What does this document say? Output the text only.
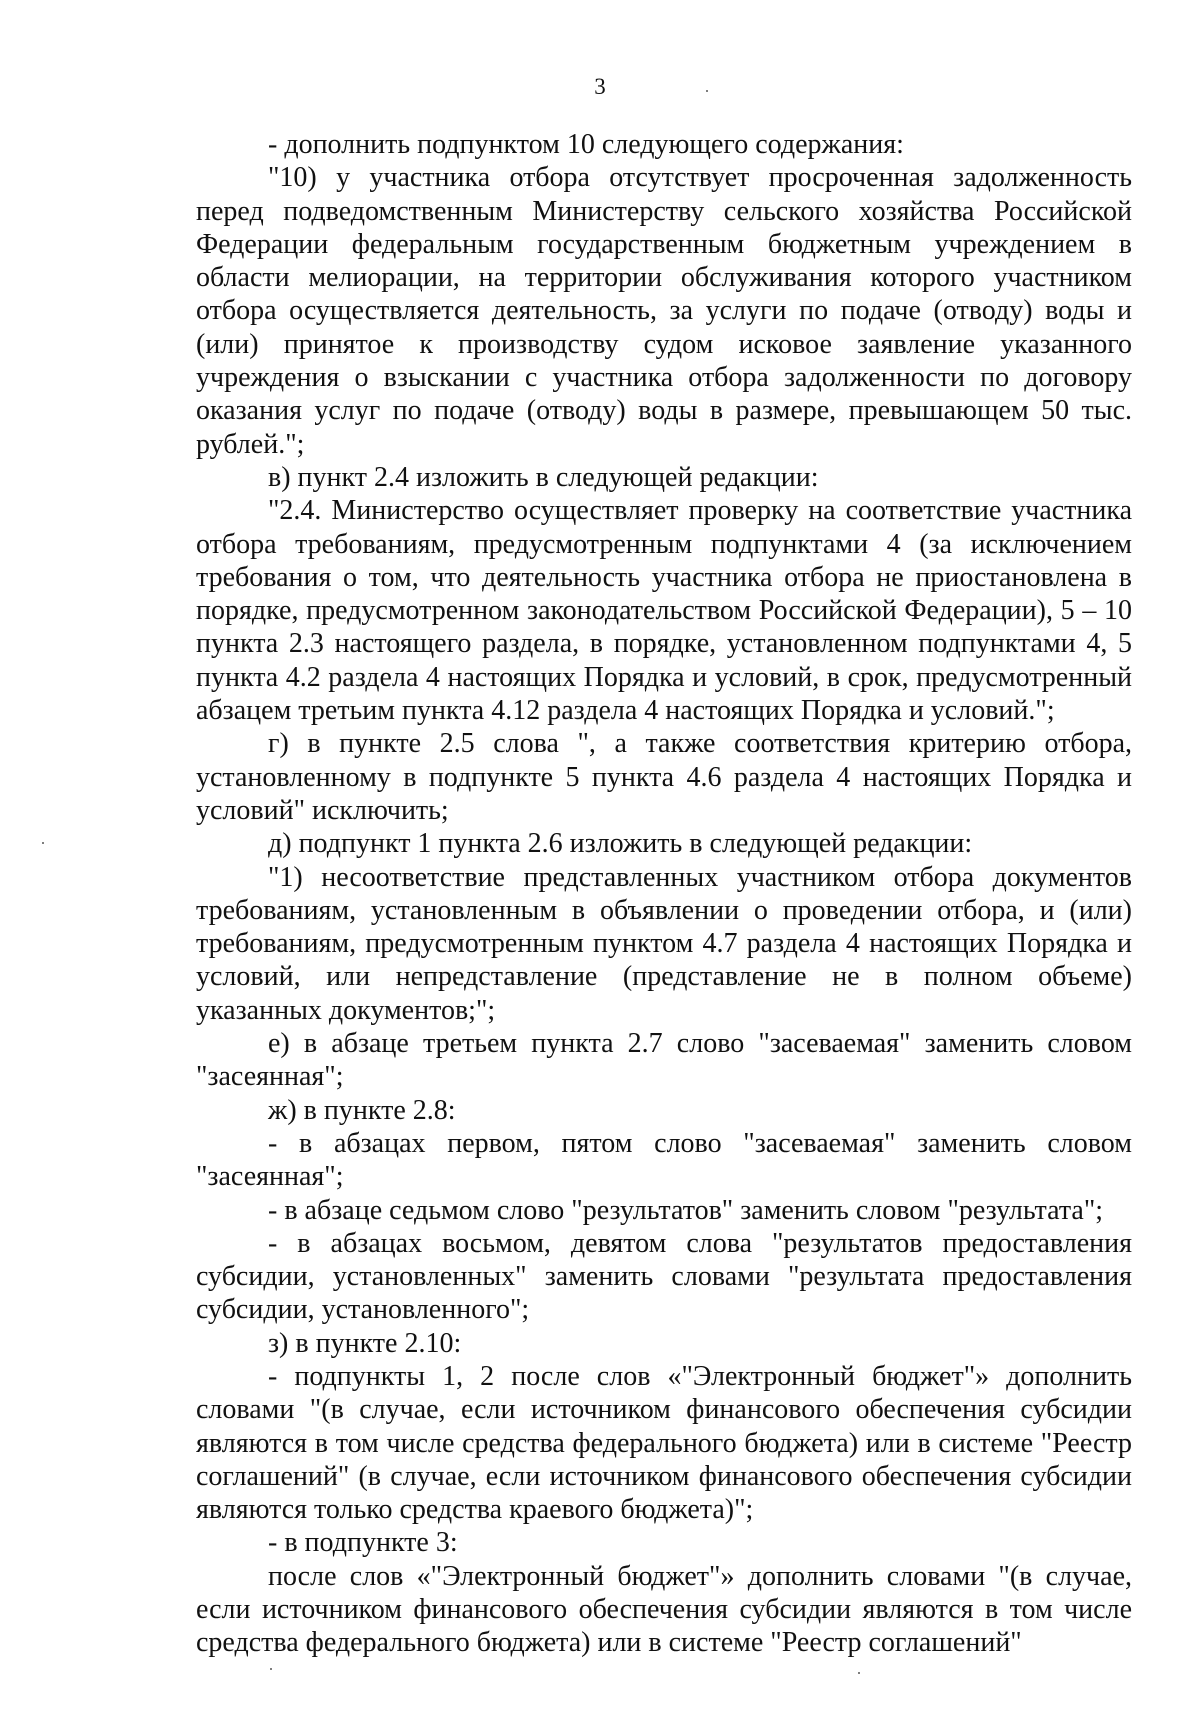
3

- дополнить подпунктом 10 следующего содержания:

"10) у участника отбора отсутствует просроченная задолженность перед подведомственным Министерству сельского хозяйства Российской Федерации федеральным государственным бюджетным учреждением в области мелиорации, на территории обслуживания которого участником отбора осуществляется деятельность, за услуги по подаче (отводу) воды и (или) принятое к производству судом исковое заявление указанного учреждения о взыскании с участника отбора задолженности по договору оказания услуг по подаче (отводу) воды в размере, превышающем 50 тыс. рублей.";

в) пункт 2.4 изложить в следующей редакции:

"2.4. Министерство осуществляет проверку на соответствие участника отбора требованиям, предусмотренным подпунктами 4 (за исключением требования о том, что деятельность участника отбора не приостановлена в порядке, предусмотренном законодательством Российской Федерации), 5 – 10 пункта 2.3 настоящего раздела, в порядке, установленном подпунктами 4, 5 пункта 4.2 раздела 4 настоящих Порядка и условий, в срок, предусмотренный абзацем третьим пункта 4.12 раздела 4 настоящих Порядка и условий.";

г) в пункте 2.5 слова ", а также соответствия критерию отбора, установленному в подпункте 5 пункта 4.6 раздела 4 настоящих Порядка и условий" исключить;

д) подпункт 1 пункта 2.6 изложить в следующей редакции:

"1) несоответствие представленных участником отбора документов требованиям, установленным в объявлении о проведении отбора, и (или) требованиям, предусмотренным пунктом 4.7 раздела 4 настоящих Порядка и условий, или непредставление (представление не в полном объеме) указанных документов;";

е) в абзаце третьем пункта 2.7 слово "засеваемая" заменить словом "засеянная";

ж) в пункте 2.8:

- в абзацах первом, пятом слово "засеваемая" заменить словом "засеянная";

- в абзаце седьмом слово "результатов" заменить словом "результата";

- в абзацах восьмом, девятом слова "результатов предоставления субсидии, установленных" заменить словами "результата предоставления субсидии, установленного";

з) в пункте 2.10:

- подпункты 1, 2 после слов «"Электронный бюджет"» дополнить словами "(в случае, если источником финансового обеспечения субсидии являются в том числе средства федерального бюджета) или в системе "Реестр соглашений" (в случае, если источником финансового обеспечения субсидии являются только средства краевого бюджета)";

- в подпункте 3:

после слов «"Электронный бюджет"» дополнить словами "(в случае, если источником финансового обеспечения субсидии являются в том числе средства федерального бюджета) или в системе "Реестр соглашений"
